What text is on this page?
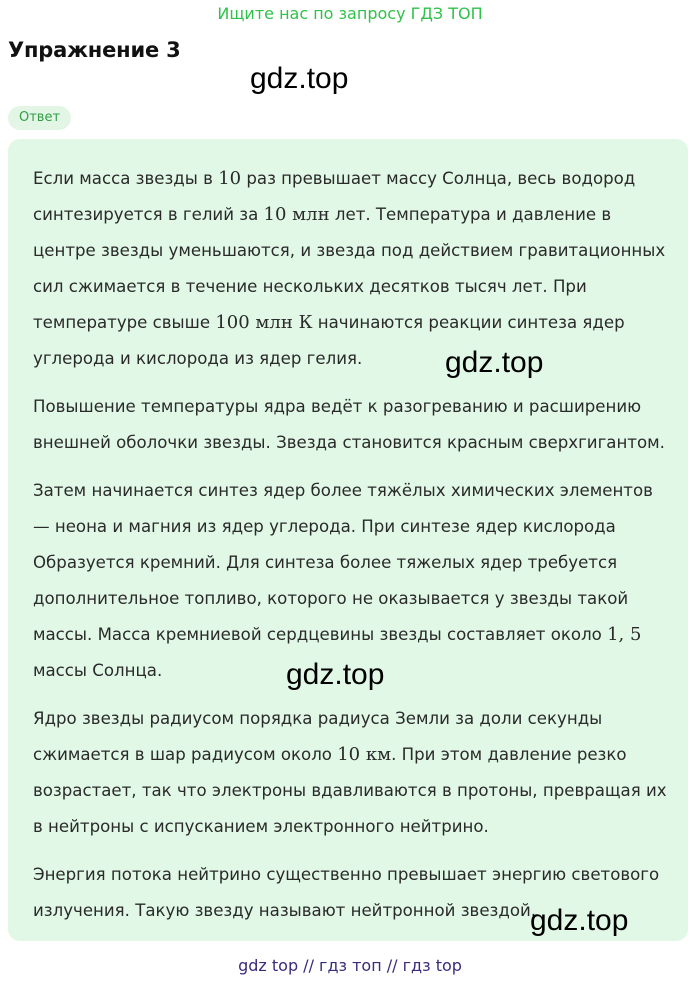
Ищите нас по запросу ГДЗ ТОП
Упражнение 3
gdz.top
Ответ

Если масса звезды в 10 раз превышает массу Солнца, весь водород синтезируется в гелий за 10 млн лет. Температура и давление в центре звезды уменьшаются, и звезда под действием гравитационных сил сжимается в течение нескольких десятков тысяч лет. При температуре свыше 100 млн К начинаются реакции синтеза ядер углерода и кислорода из ядер гелия.

Повышение температуры ядра ведёт к разогреванию и расширению внешней оболочки звезды. Звезда становится красным сверхгигантом.

Затем начинается синтез ядер более тяжёлых химических элементов — неона и магния из ядер углерода. При синтезе ядер кислорода Образуется кремний. Для синтеза более тяжелых ядер требуется дополнительное топливо, которого не оказывается у звезды такой массы. Масса кремниевой сердцевины звезды составляет около 1, 5 массы Солнца.

Ядро звезды радиусом порядка радиуса Земли за доли секунды сжимается в шар радиусом около 10 км. При этом давление резко возрастает, так что электроны вдавливаются в протоны, превращая их в нейтроны с испусканием электронного нейтрино.

Энергия потока нейтрино существенно превышает энергию светового излучения. Такую звезду называют нейтронной звездой.

gdz.top
gdz.top
gdz.top
gdz top // гдз топ // гдз top
